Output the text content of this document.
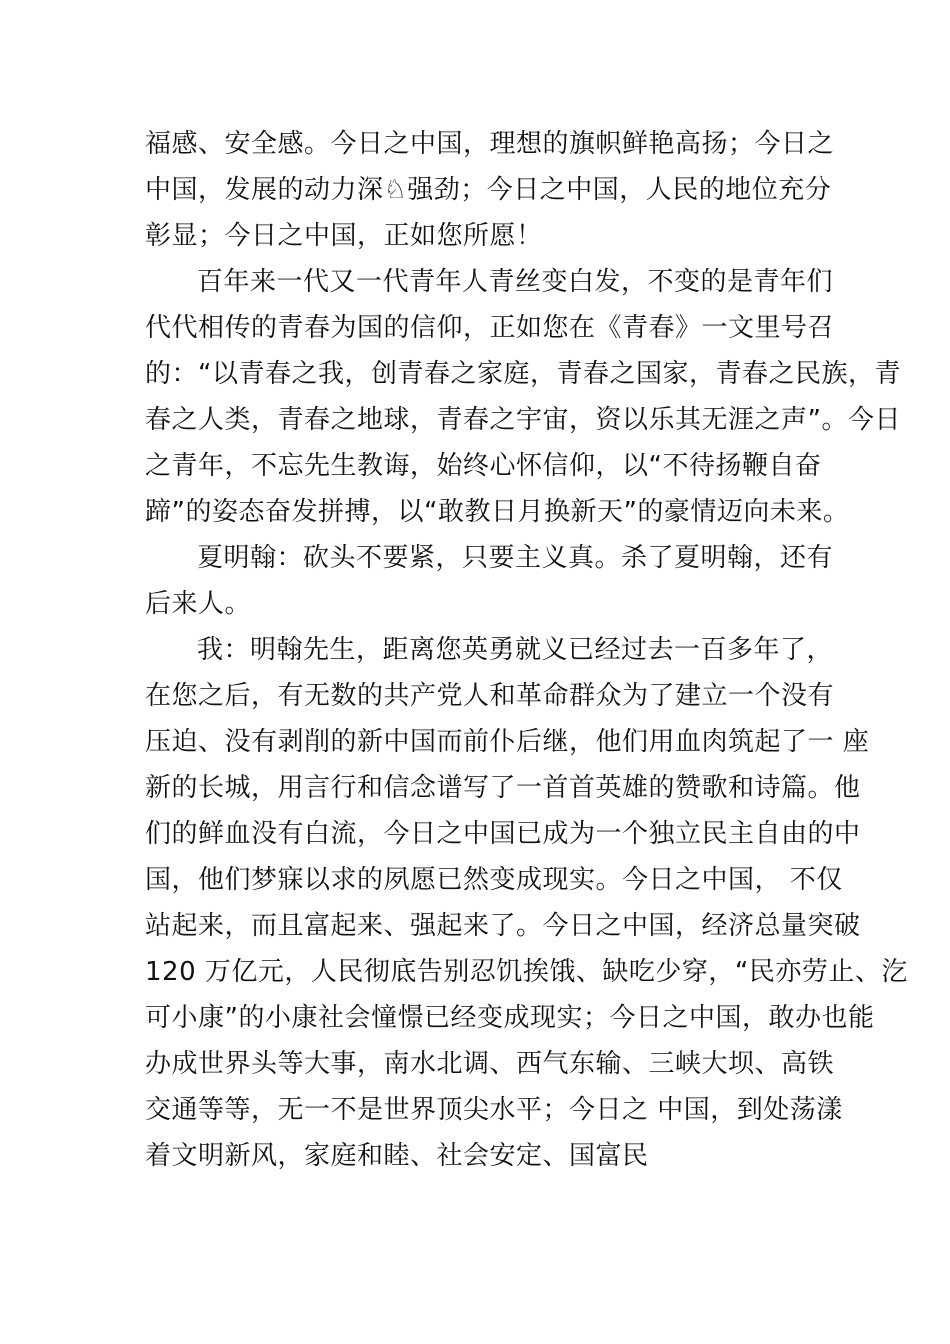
福感、安全感。今日之中国，理想的旗帜鲜艳高扬；今日之
中国，发展的动力深♘强劲；今日之中国，人民的地位充分
彰显；今日之中国，正如您所愿！
百年来一代又一代青年人青丝变白发，不变的是青年们
代代相传的青春为国的信仰，正如您在《青春》一文里号召
的：“以青春之我，创青春之家庭，青春之国家，青春之民族，青
春之人类，青春之地球，青春之宇宙，资以乐其无涯之声”。今日
之青年，不忘先生教诲，始终心怀信仰，以“不待扬鞭自奋
蹄”的姿态奋发拼搏，以“敢教日月换新天”的豪情迈向未来。
夏明翰：砍头不要紧，只要主义真。杀了夏明翰，还有
后来人。
我：明翰先生，距离您英勇就义已经过去一百多年了，
在您之后，有无数的共产党人和革命群众为了建立一个没有
压迫、没有剥削的新中国而前仆后继，他们用血肉筑起了一 座
新的长城，用言行和信念谱写了一首首英雄的赞歌和诗篇。他
们的鲜血没有白流，今日之中国已成为一个独立民主自由的中
国，他们梦寐以求的夙愿已然变成现实。今日之中国， 不仅
站起来，而且富起来、强起来了。今日之中国，经济总量突破
120 万亿元，人民彻底告别忍饥挨饿、缺吃少穿，“民亦劳止、汔
可小康”的小康社会憧憬已经变成现实；今日之中国，敢办也能
办成世界头等大事，南水北调、西气东输、三峡大坝、高铁
交通等等，无一不是世界顶尖水平；今日之 中国，到处荡漾
着文明新风，家庭和睦、社会安定、国富民
